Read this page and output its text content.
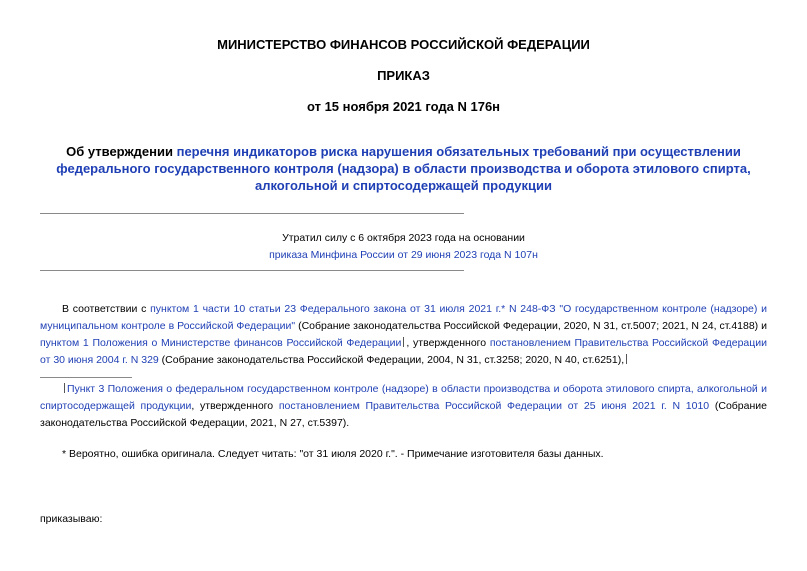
МИНИСТЕРСТВО ФИНАНСОВ РОССИЙСКОЙ ФЕДЕРАЦИИ
ПРИКАЗ
от 15 ноября 2021 года N 176н
Об утверждении перечня индикаторов риска нарушения обязательных требований при осуществлении федерального государственного контроля (надзора) в области производства и оборота этилового спирта, алкогольной и спиртосодержащей продукции
Утратил силу с 6 октября 2023 года на основании
приказа Минфина России от 29 июня 2023 года N 107н
В соответствии с пунктом 1 части 10 статьи 23 Федерального закона от 31 июля 2021 г.* N 248-ФЗ "О государственном контроле (надзоре) и муниципальном контроле в Российской Федерации" (Собрание законодательства Российской Федерации, 2020, N 31, ст.5007; 2021, N 24, ст.4188) и пунктом 1 Положения о Министерстве финансов Российской Федерации , утвержденного постановлением Правительства Российской Федерации от 30 июня 2004 г. N 329 (Собрание законодательства Российской Федерации, 2004, N 31, ст.3258; 2020, N 40, ст.6251),
Пункт 3 Положения о федеральном государственном контроле (надзоре) в области производства и оборота этилового спирта, алкогольной и спиртосодержащей продукции, утвержденного постановлением Правительства Российской Федерации от 25 июня 2021 г. N 1010 (Собрание законодательства Российской Федерации, 2021, N 27, ст.5397).
* Вероятно, ошибка оригинала. Следует читать: "от 31 июля 2020 г.". - Примечание изготовителя базы данных.
приказываю:
